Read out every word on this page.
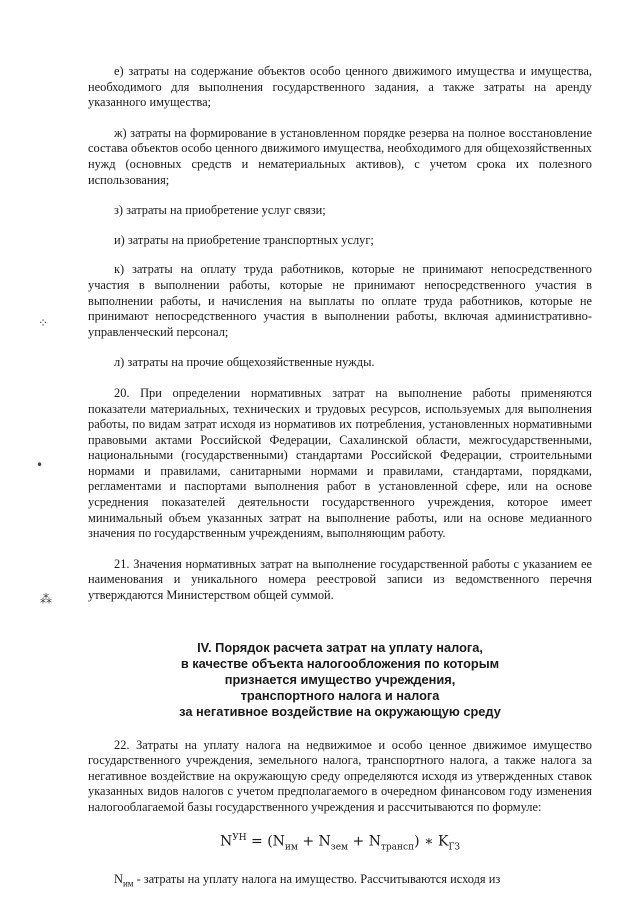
⁘
•
⁂

е) затраты на содержание объектов особо ценного движимого имущества и имущества, необходимого для выполнения государственного задания, а также затраты на аренду указанного имущества;

ж) затраты на формирование в установленном порядке резерва на полное восстановление состава объектов особо ценного движимого имущества, необходимого для общехозяйственных нужд (основных средств и нематериальных активов), с учетом срока их полезного использования;

з) затраты на приобретение услуг связи;

и) затраты на приобретение транспортных услуг;

к) затраты на оплату труда работников, которые не принимают непосредственного участия в выполнении работы, которые не принимают непосредственного участия в выполнении работы, и начисления на выплаты по оплате труда работников, которые не принимают непосредственного участия в выполнении работы, включая административно-управленческий персонал;

л) затраты на прочие общехозяйственные нужды.

20. При определении нормативных затрат на выполнение работы применяются показатели материальных, технических и трудовых ресурсов, используемых для выполнения работы, по видам затрат исходя из нормативов их потребления, установленных нормативными правовыми актами Российской Федерации, Сахалинской области, межгосударственными, национальными (государственными) стандартами Российской Федерации, строительными нормами и правилами, санитарными нормами и правилами, стандартами, порядками, регламентами и паспортами выполнения работ в установленной сфере, или на основе усреднения показателей деятельности государственного учреждения, которое имеет минимальный объем указанных затрат на выполнение работы, или на основе медианного значения по государственным учреждениям, выполняющим работу.

21. Значения нормативных затрат на выполнение государственной работы с указанием ее наименования и уникального номера реестровой записи из ведомственного перечня утверждаются Министерством общей суммой.

IV. Порядок расчета затрат на уплату налога,
в качестве объекта налогообложения по которым
признается имущество учреждения,
транспортного налога и налога
за негативное воздействие на окружающую среду

22. Затраты на уплату налога на недвижимое и особо ценное движимое имущество государственного учреждения, земельного налога, транспортного налога, а также налога за негативное воздействие на окружающую среду определяются исходя из утвержденных ставок указанных видов налогов с учетом предполагаемого в очередном финансовом году изменения налогооблагаемой базы государственного учреждения и рассчитываются по формуле:

$N^{УН} = (N_{им} + N_{зем} + N_{трансп})$ ∗ $K_{ГЗ}$

$N_{им}$ - затраты на уплату налога на имущество. Рассчитываются исходя из
